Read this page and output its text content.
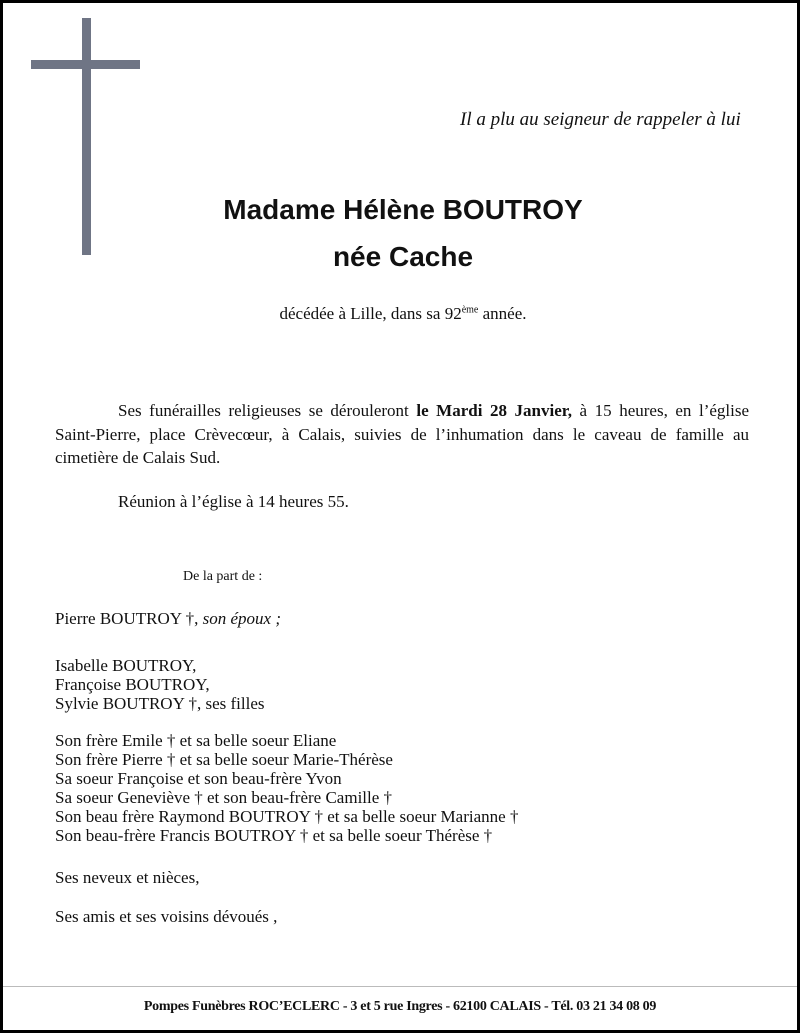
Il a plu au seigneur de rappeler à lui
Madame Hélène BOUTROY
née Cache
décédée à Lille, dans sa 92ème année.
Ses funérailles religieuses se dérouleront le Mardi 28 Janvier, à 15 heures, en l’église Saint-Pierre, place Crèvecœur, à Calais, suivies de l’inhumation dans le caveau de famille au cimetière de Calais Sud.
Réunion à l’église à 14 heures 55.
De la part de :
Pierre BOUTROY †, son époux ;
Isabelle BOUTROY,
Françoise BOUTROY,
Sylvie BOUTROY †, ses filles
Son frère Emile † et sa belle soeur Eliane
Son frère Pierre † et sa belle soeur Marie-Thérèse
Sa soeur Françoise et son beau-frère Yvon
Sa soeur Geneviève † et son beau-frère Camille †
Son beau frère Raymond BOUTROY † et sa belle soeur Marianne †
Son beau-frère Francis BOUTROY † et sa belle soeur Thérèse †
Ses neveux et nièces,
Ses amis et ses voisins dévoués ,
Pompes Funèbres ROC’ECLERC - 3 et 5 rue Ingres - 62100 CALAIS - Tél. 03 21 34 08 09
